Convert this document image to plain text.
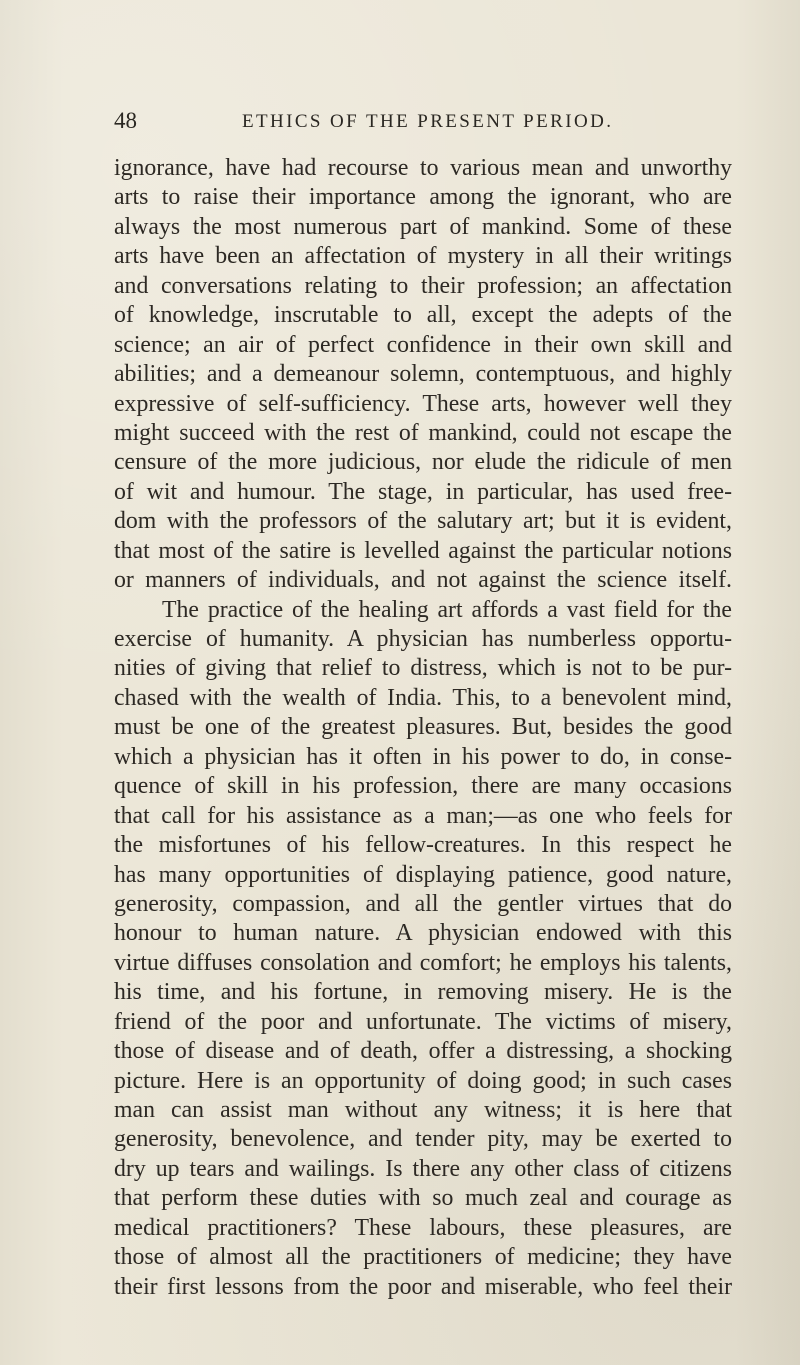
48	ETHICS OF THE PRESENT PERIOD.
ignorance, have had recourse to various mean and unworthy
arts to raise their importance among the ignorant, who are
always the most numerous part of mankind. Some of these
arts have been an affectation of mystery in all their writings
and conversations relating to their profession; an affectation
of knowledge, inscrutable to all, except the adepts of the
science; an air of perfect confidence in their own skill and
abilities; and a demeanour solemn, contemptuous, and highly
expressive of self-sufficiency. These arts, however well they
might succeed with the rest of mankind, could not escape the
censure of the more judicious, nor elude the ridicule of men
of wit and humour. The stage, in particular, has used free-
dom with the professors of the salutary art; but it is evident,
that most of the satire is levelled against the particular notions
or manners of individuals, and not against the science itself.
The practice of the healing art affords a vast field for the
exercise of humanity. A physician has numberless opportu-
nities of giving that relief to distress, which is not to be pur-
chased with the wealth of India. This, to a benevolent mind,
must be one of the greatest pleasures. But, besides the good
which a physician has it often in his power to do, in conse-
quence of skill in his profession, there are many occasions
that call for his assistance as a man;—as one who feels for
the misfortunes of his fellow-creatures. In this respect he
has many opportunities of displaying patience, good nature,
generosity, compassion, and all the gentler virtues that do
honour to human nature. A physician endowed with this
virtue diffuses consolation and comfort; he employs his talents,
his time, and his fortune, in removing misery. He is the
friend of the poor and unfortunate. The victims of misery,
those of disease and of death, offer a distressing, a shocking
picture. Here is an opportunity of doing good; in such cases
man can assist man without any witness; it is here that
generosity, benevolence, and tender pity, may be exerted to
dry up tears and wailings. Is there any other class of citizens
that perform these duties with so much zeal and courage as
medical practitioners? These labours, these pleasures, are
those of almost all the practitioners of medicine; they have
their first lessons from the poor and miserable, who feel their
